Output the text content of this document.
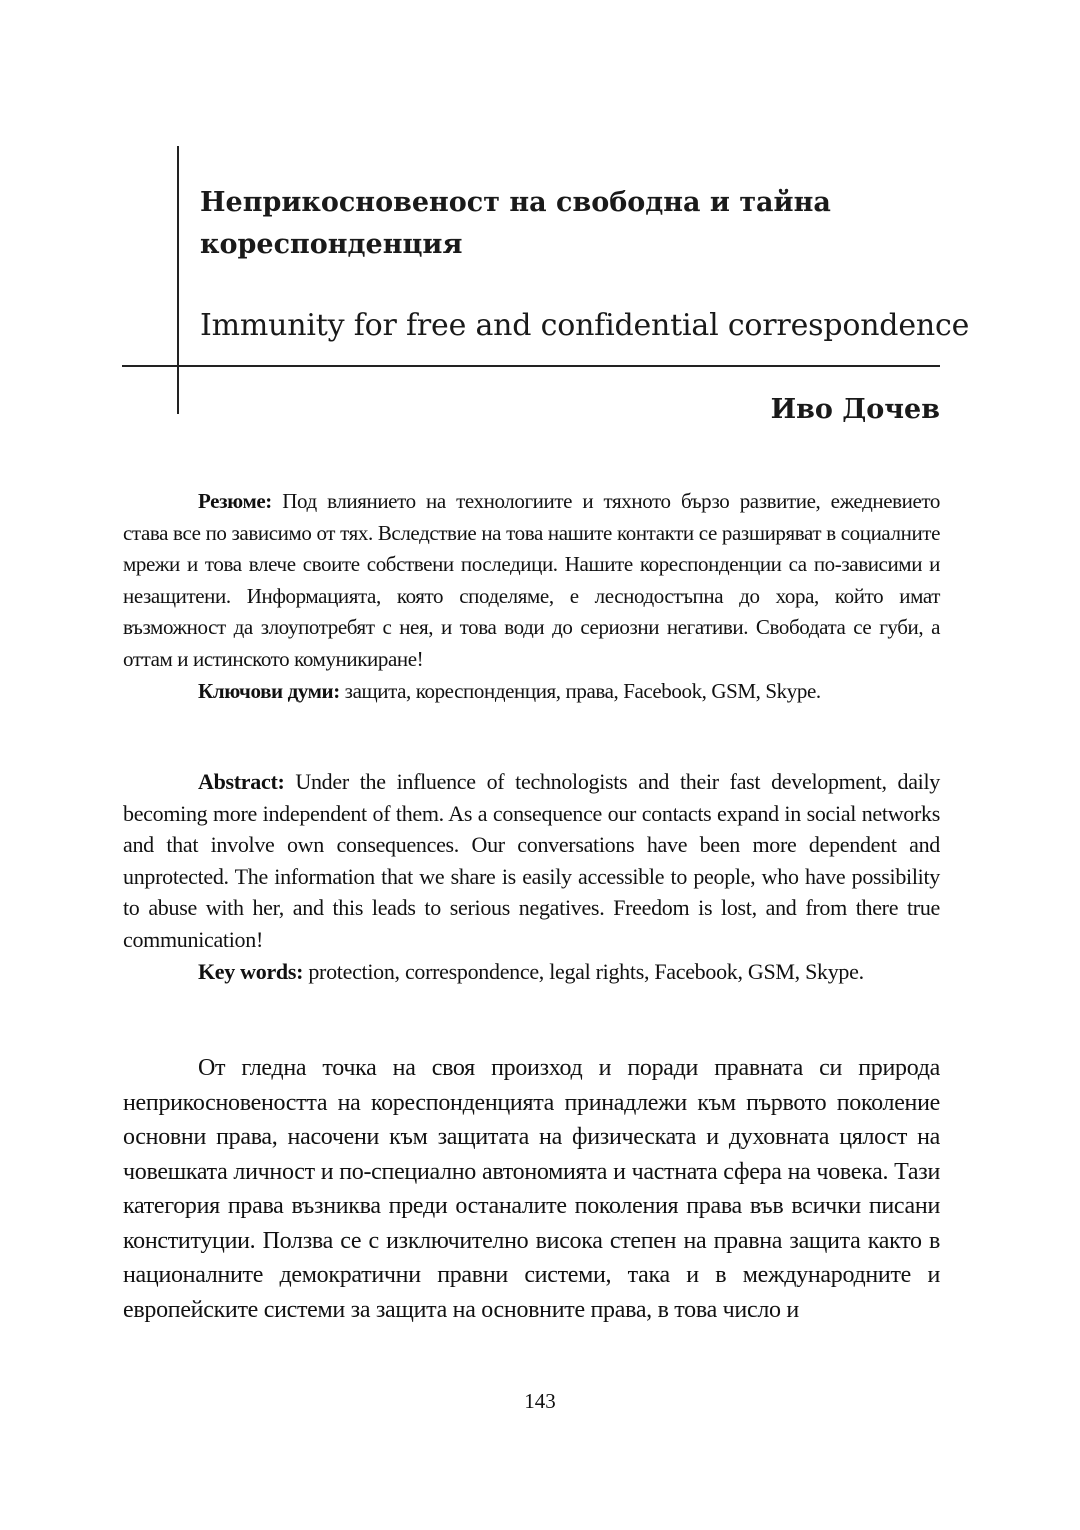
Неприкосновеност на свободна и тайна кореспонденция
Immunity for free and confidential correspondence
Иво Дочев

Резюме: Под влиянието на технологиите и тяхното бързо развитие, ежедневието става все по зависимо от тях. Вследствие на това нашите контакти се разширяват в социалните мрежи и това влече своите собствени последици. Нашите кореспонденции са по-зависими и незащитени. Информацията, която споделяме, е леснодостъпна до хора, който имат възможност да злоупотребят с нея, и това води до сериозни негативи. Свободата се губи, а оттам и истинското комуникиране!

Ключови думи: защита, кореспонденция, права, Facebook, GSM, Skype.

Abstract: Under the influence of technologists and their fast development, daily becoming more independent of them. As a consequence our contacts expand in social networks and that involve own consequences. Our conversations have been more dependent and unprotected. The information that we share is easily accessible to people, who have possibility to abuse with her, and this leads to serious negatives. Freedom is lost, and from there true communication!

Key words: protection, correspondence, legal rights, Facebook, GSM, Skype.

От гледна точка на своя произход и поради правната си природа неприкосновеността на кореспонденцията принадлежи към първото поколение основни права, насочени към защитата на физическата и духовната цялост на човешката личност и по-специално автономията и частната сфера на човека. Тази категория права възниква преди останалите поколения права във всички писани конституции. Ползва се с изключително висока степен на правна защита както в националните демократични правни системи, така и в международните и европейските системи за защита на основните права, в това число и

143
